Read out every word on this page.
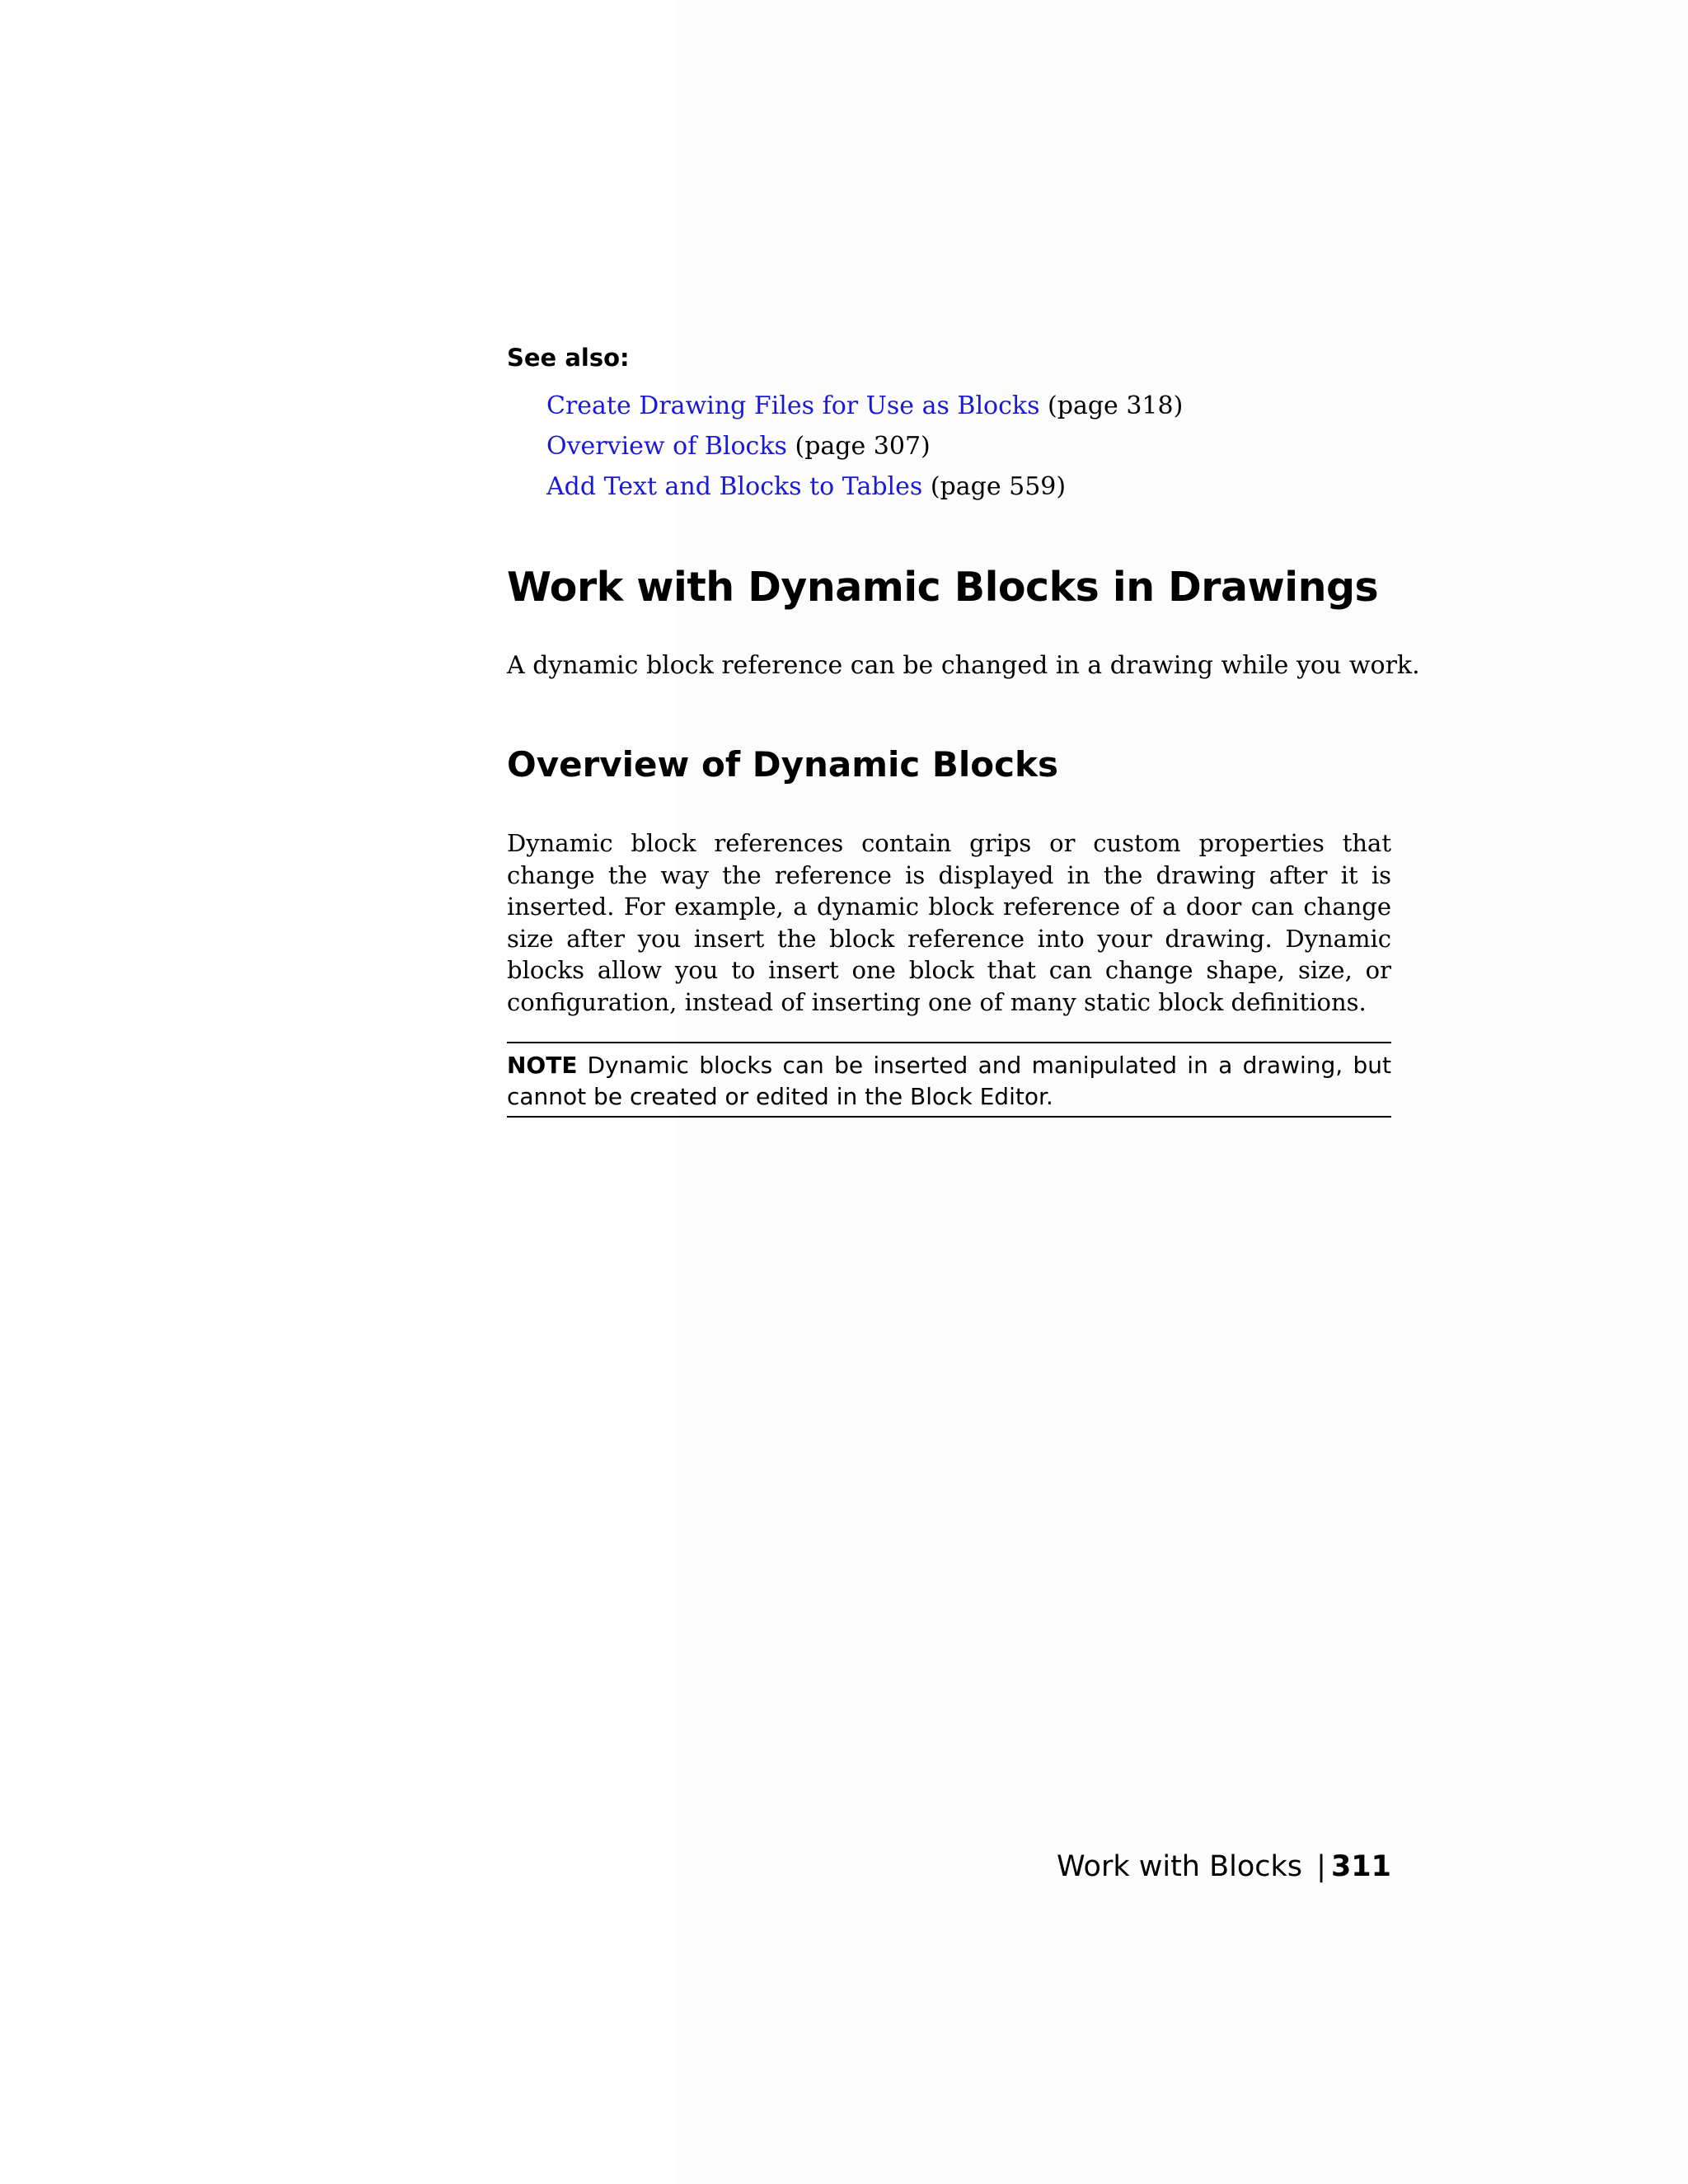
See also:
Create Drawing Files for Use as Blocks (page 318)
Overview of Blocks (page 307)
Add Text and Blocks to Tables (page 559)
Work with Dynamic Blocks in Drawings

A dynamic block reference can be changed in a drawing while you work.

Overview of Dynamic Blocks

Dynamic block references contain grips or custom properties that change the way the reference is displayed in the drawing after it is inserted. For example, a dynamic block reference of a door can change size after you insert the block reference into your drawing. Dynamic blocks allow you to insert one block that can change shape, size, or configuration, instead of inserting one of many static block definitions.

NOTE Dynamic blocks can be inserted and manipulated in a drawing, but cannot be created or edited in the Block Editor.

Work with Blocks | 311
